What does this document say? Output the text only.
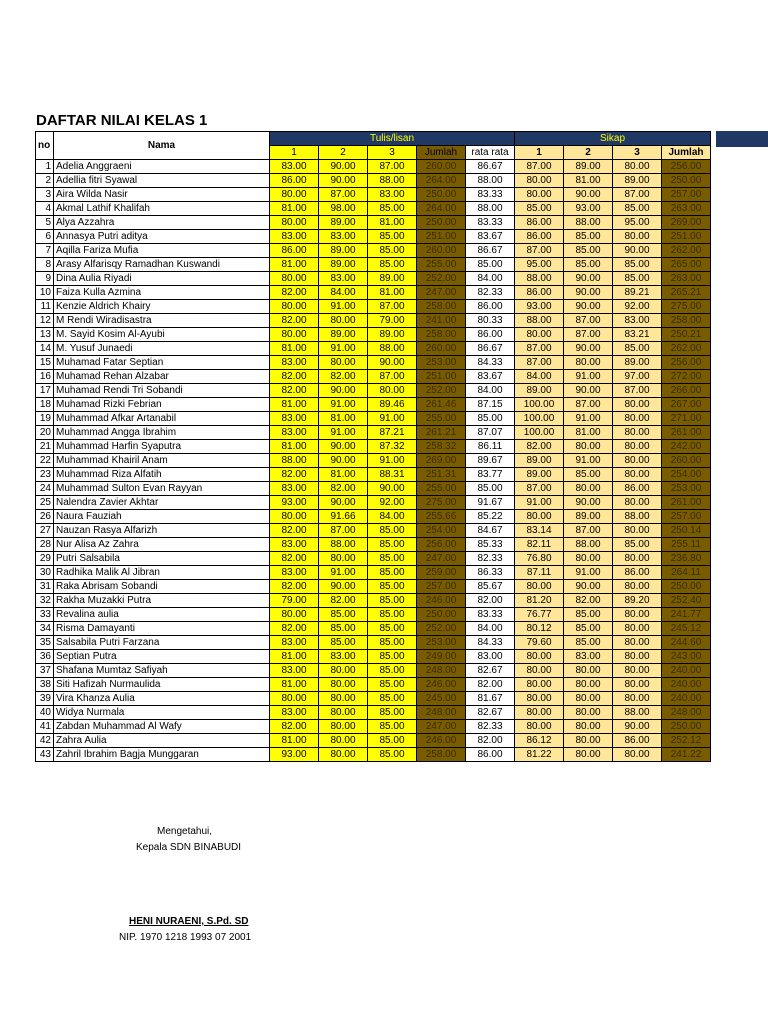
DAFTAR NILAI KELAS 1
no	Nama	Tulis/lisan					Sikap			
		1	2	3	Jumlah	rata rata	1	2	3	Jumlah
1	Adelia Anggraeni	83.00	90.00	87.00	260.00	86.67	87.00	89.00	80.00	256.00
2	Adellia fitri Syawal	86.00	90.00	88.00	264.00	88.00	80.00	81.00	89.00	250.00
3	Aira Wilda Nasir	80.00	87.00	83.00	250.00	83.33	80.00	90.00	87.00	257.00
4	Akmal Lathif Khalifah	81.00	98.00	85.00	264.00	88.00	85.00	93.00	85.00	263.00
5	Alya Azzahra	80.00	89.00	81.00	250.00	83.33	86.00	88.00	95.00	269.00
6	Annasya Putri aditya	83.00	83.00	85.00	251.00	83.67	86.00	85.00	80.00	251.00
7	Aqilla Fariza Mufia	86.00	89.00	85.00	260.00	86.67	87.00	85.00	90.00	262.00
8	Arasy Alfarisqy Ramadhan Kuswandi	81.00	89.00	85.00	255.00	85.00	95.00	85.00	85.00	265.00
9	Dina Aulia Riyadi	80.00	83.00	89.00	252.00	84.00	88.00	90.00	85.00	263.00
10	Faiza Kulla Azmina	82.00	84.00	81.00	247.00	82.33	86.00	90.00	89.21	265.21
11	Kenzie Aldrich Khairy	80.00	91.00	87.00	258.00	86.00	93.00	90.00	92.00	275.00
12	M Rendi Wiradisastra	82.00	80.00	79.00	241.00	80.33	88.00	87.00	83.00	258.00
13	M. Sayid Kosim Al-Ayubi	80.00	89.00	89.00	258.00	86.00	80.00	87.00	83.21	250.21
14	M. Yusuf Junaedi	81.00	91.00	88.00	260.00	86.67	87.00	90.00	85.00	262.00
15	Muhamad Fatar Septian	83.00	80.00	90.00	253.00	84.33	87.00	80.00	89.00	256.00
16	Muhamad Rehan Alzabar	82.00	82.00	87.00	251.00	83.67	84.00	91.00	97.00	272.00
17	Muhamad Rendi Tri Sobandi	82.00	90.00	80.00	252.00	84.00	89.00	90.00	87.00	266.00
18	Muhamad Rizki Febrian	81.00	91.00	89.46	261.46	87.15	100.00	87.00	80.00	267.00
19	Muhammad Afkar Artanabil	83.00	81.00	91.00	255.00	85.00	100.00	91.00	80.00	271.00
20	Muhammad Angga Ibrahim	83.00	91.00	87.21	261.21	87.07	100.00	81.00	80.00	261.00
21	Muhammad Harfin Syaputra	81.00	90.00	87.32	258.32	86.11	82.00	80.00	80.00	242.00
22	Muhammad Khairil Anam	88.00	90.00	91.00	269.00	89.67	89.00	91.00	80.00	260.00
23	Muhammad Riza Alfatih	82.00	81.00	88.31	251.31	83.77	89.00	85.00	80.00	254.00
24	Muhammad Sulton Evan Rayyan	83.00	82.00	90.00	255.00	85.00	87.00	80.00	86.00	253.00
25	Nalendra Zavier Akhtar	93.00	90.00	92.00	275.00	91.67	91.00	90.00	80.00	261.00
26	Naura Fauziah	80.00	91.66	84.00	255.66	85.22	80.00	89.00	88.00	257.00
27	Nauzan Rasya Alfarizh	82.00	87.00	85.00	254.00	84.67	83.14	87.00	80.00	250.14
28	Nur Alisa Az Zahra	83.00	88.00	85.00	256.00	85.33	82.11	88.00	85.00	255.11
29	Putri Salsabila	82.00	80.00	85.00	247.00	82.33	76.80	80.00	80.00	236.80
30	Radhika Malik Al Jibran	83.00	91.00	85.00	259.00	86.33	87.11	91.00	86.00	264.11
31	Raka Abrisam Sobandi	82.00	90.00	85.00	257.00	85.67	80.00	90.00	80.00	250.00
32	Rakha Muzakki Putra	79.00	82.00	85.00	246.00	82.00	81.20	82.00	89.20	252.40
33	Revalina aulia	80.00	85.00	85.00	250.00	83.33	76.77	85.00	80.00	241.77
34	Risma Damayanti	82.00	85.00	85.00	252.00	84.00	80.12	85.00	80.00	245.12
35	Salsabila Putri Farzana	83.00	85.00	85.00	253.00	84.33	79.60	85.00	80.00	244.60
36	Septian Putra	81.00	83.00	85.00	249.00	83.00	80.00	83.00	80.00	243.00
37	Shafana Mumtaz Safiyah	83.00	80.00	85.00	248.00	82.67	80.00	80.00	80.00	240.00
38	Siti Hafizah Nurmaulida	81.00	80.00	85.00	246.00	82.00	80.00	80.00	80.00	240.00
39	Vira Khanza Aulia	80.00	80.00	85.00	245.00	81.67	80.00	80.00	80.00	240.00
40	Widya Nurmala	83.00	80.00	85.00	248.00	82.67	80.00	80.00	88.00	248.00
41	Zabdan Muhammad Al Wafy	82.00	80.00	85.00	247.00	82.33	80.00	80.00	90.00	250.00
42	Zahra Aulia	81.00	80.00	85.00	246.00	82.00	86.12	80.00	86.00	252.12
43	Zahril Ibrahim Bagja Munggaran	93.00	80.00	85.00	258.00	86.00	81.22	80.00	80.00	241.22
Mengetahui,
Kepala SDN BINABUDI
HENI NURAENI, S.Pd. SD
NIP. 1970 1218 1993 07 2001
